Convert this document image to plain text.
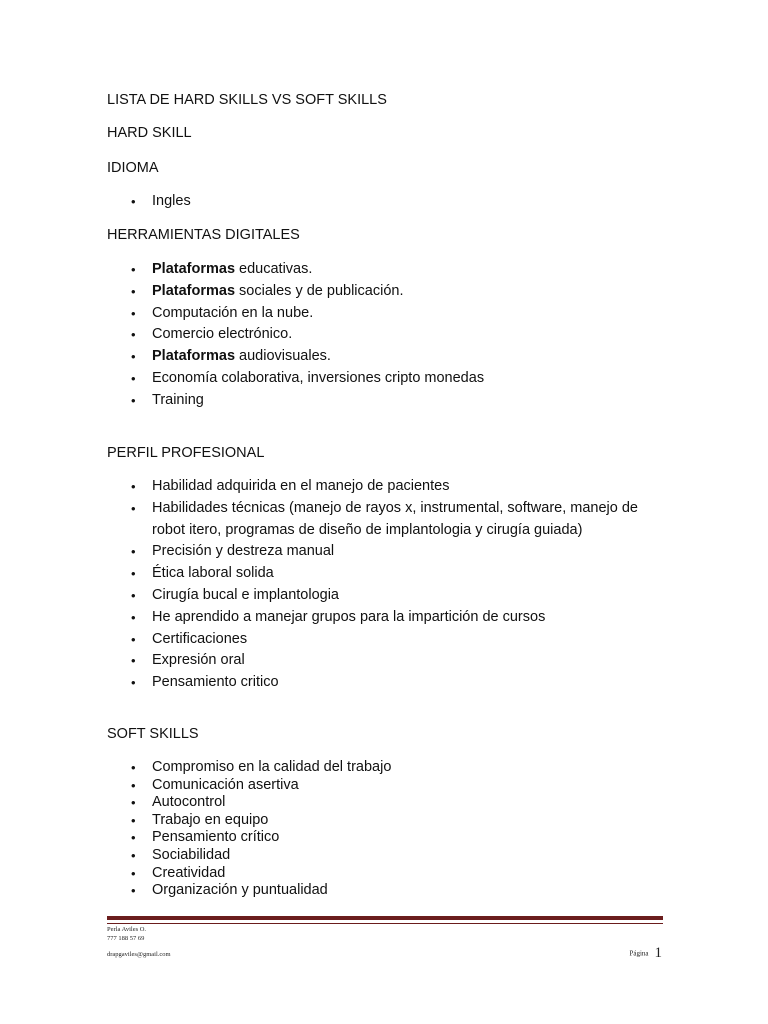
LISTA DE HARD SKILLS VS SOFT SKILLS
HARD SKILL
IDIOMA
• Ingles
HERRAMIENTAS DIGITALES
• Plataformas educativas.
• Plataformas sociales y de publicación.
• Computación en la nube.
• Comercio electrónico.
• Plataformas audiovisuales.
• Economía colaborativa, inversiones cripto monedas
• Training
PERFIL PROFESIONAL
• Habilidad adquirida en el manejo de pacientes
• Habilidades técnicas (manejo de rayos x, instrumental, software, manejo de robot itero, programas de diseño de implantologia y cirugía guiada)
• Precisión y destreza manual
• Ética laboral solida
• Cirugía bucal e implantologia
• He aprendido a manejar grupos para la impartición de cursos
• Certificaciones
• Expresión oral
• Pensamiento critico
SOFT SKILLS
• Compromiso en la calidad del trabajo
• Comunicación asertiva
• Autocontrol
• Trabajo en equipo
• Pensamiento crítico
• Sociabilidad
• Creatividad
• Organización y puntualidad
Perla Aviles O.
777 188 57 69
drapgaviles@gmail.com	Página 1
